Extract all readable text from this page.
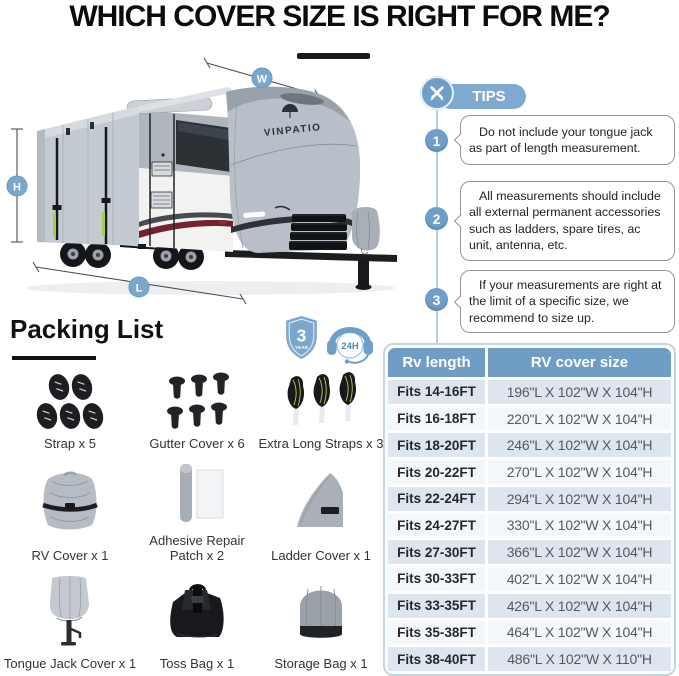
WHICH COVER SIZE IS RIGHT FOR ME?
VINPATIO
W
H
L
TIPS
1
Do not include your tongue jack as part of length measurement.
2
All measurements should include all external permanent accessories such as ladders, spare tires, ac unit, antenna, etc.
3
If your measurements are right at the limit of a specific size, we recommend to size up.
Packing List	3
YEAR	24H
Strap x 5	Gutter Cover x 6 Extra Long Straps x 3
RV Cover x 1
Adhesive Repair Patch x 2	Ladder Cover x 1
Tongue Jack Cover x 1 Toss Bag x 1	Storage Bag x 1
Rv length	RV cover size
Fits 14-16FT	196"L X 102"W X 104"H
Fits 16-18FT	220"L X 102"W X 104"H
Fits 18-20FT	246"L X 102"W X 104"H
Fits 20-22FT	270"L X 102"W X 104"H
Fits 22-24FT	294"L X 102"W X 104"H
Fits 24-27FT	330"L X 102"W X 104"H
Fits 27-30FT	366"L X 102"W X 104"H
Fits 30-33FT	402"L X 102"W X 104"H
Fits 33-35FT	426"L X 102"W X 104"H
Fits 35-38FT	464"L X 102"W X 104"H
Fits 38-40FT	486"L X 102"W X 110"H
